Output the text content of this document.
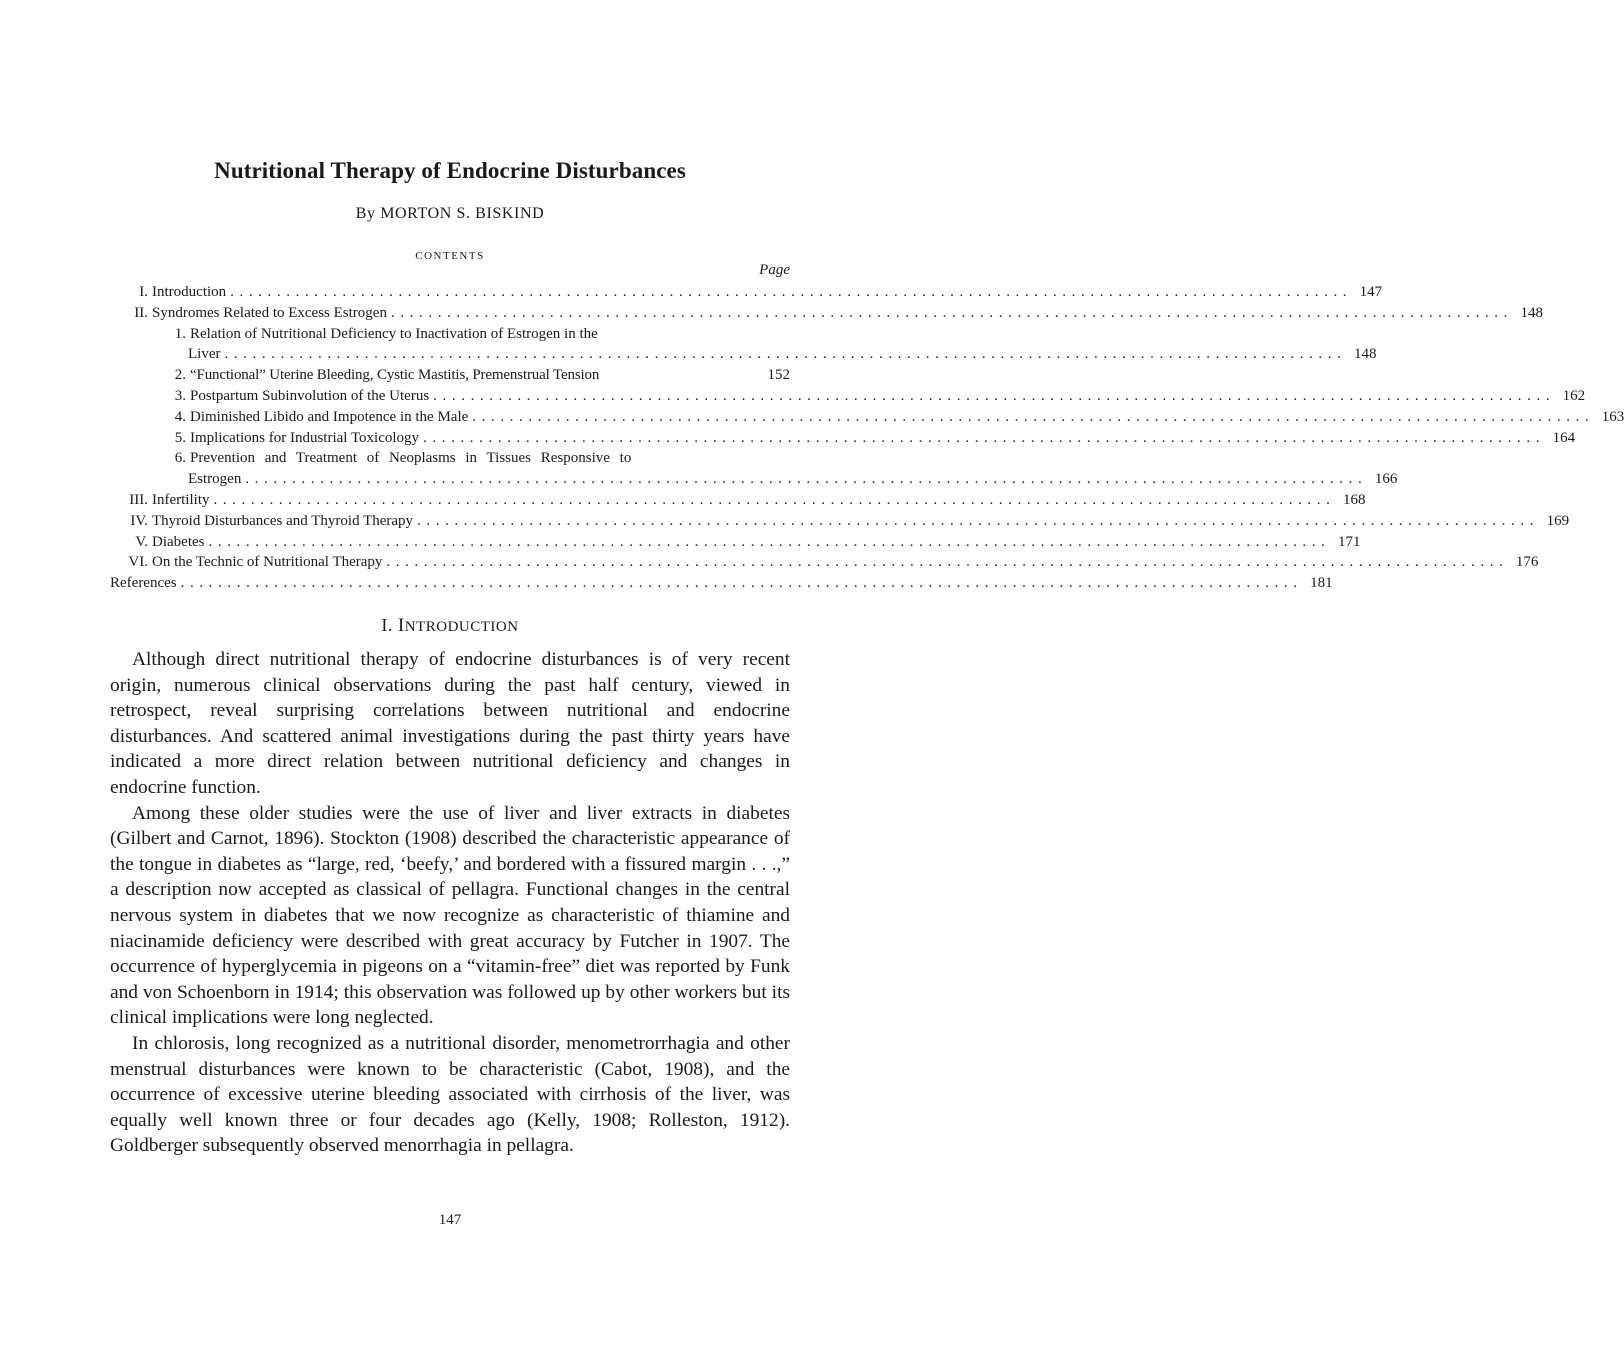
Nutritional Therapy of Endocrine Disturbances
By MORTON S. BISKIND
CONTENTS
Page
I. Introduction ........................................................................................................................ 147
II. Syndromes Related to Excess Estrogen ........................................................................................................................ 148
1. Relation of Nutritional Deficiency to Inactivation of Estrogen in the
Liver ........................................................................................................................ 148
2. “Functional” Uterine Bleeding, Cystic Mastitis, Premenstrual Tension	152
3. Postpartum Subinvolution of the Uterus ........................................................................................................................ 162
4. Diminished Libido and Impotence in the Male ........................................................................................................................ 163
5. Implications for Industrial Toxicology ........................................................................................................................ 164
6. Prevention and Treatment of Neoplasms in Tissues Responsive to
Estrogen ........................................................................................................................ 166
III. Infertility ........................................................................................................................ 168
IV. Thyroid Disturbances and Thyroid Therapy ........................................................................................................................ 169
V. Diabetes ........................................................................................................................ 171
VI. On the Technic of Nutritional Therapy ........................................................................................................................ 176
References ........................................................................................................................ 181
I. INTRODUCTION

Although direct nutritional therapy of endocrine disturbances is of very recent origin, numerous clinical observations during the past half century, viewed in retrospect, reveal surprising correlations between nutritional and endocrine disturbances. And scattered animal investigations during the past thirty years have indicated a more direct relation between nutritional deficiency and changes in endocrine function.

Among these older studies were the use of liver and liver extracts in diabetes (Gilbert and Carnot, 1896). Stockton (1908) described the characteristic appearance of the tongue in diabetes as “large, red, ‘beefy,’ and bordered with a fissured margin . . .,” a description now accepted as classical of pellagra. Functional changes in the central nervous system in diabetes that we now recognize as characteristic of thiamine and niacinamide deficiency were described with great accuracy by Futcher in 1907. The occurrence of hyperglycemia in pigeons on a “vitamin-free” diet was reported by Funk and von Schoenborn in 1914; this observation was followed up by other workers but its clinical implications were long neglected.

In chlorosis, long recognized as a nutritional disorder, menometrorrhagia and other menstrual disturbances were known to be characteristic (Cabot, 1908), and the occurrence of excessive uterine bleeding associated with cirrhosis of the liver, was equally well known three or four decades ago (Kelly, 1908; Rolleston, 1912). Goldberger subsequently observed menorrhagia in pellagra.

147
